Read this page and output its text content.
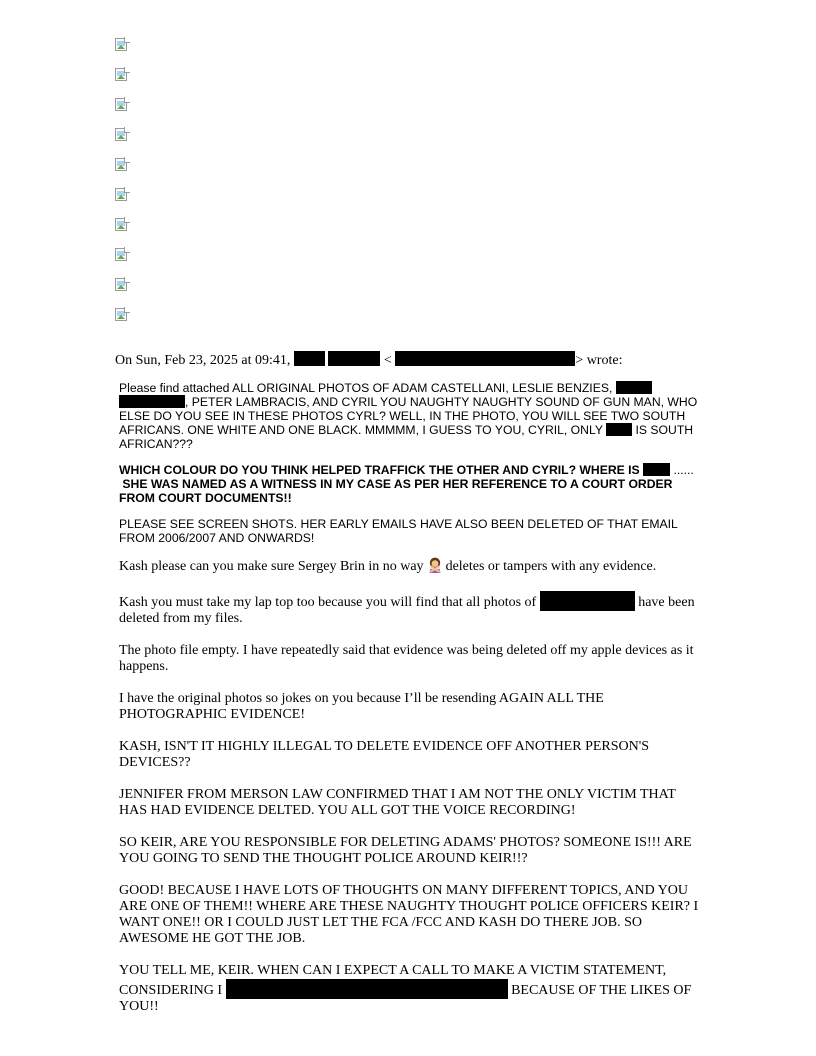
On Sun, Feb 23, 2025 at 09:41,	<	> wrote:

Please find attached ALL ORIGINAL PHOTOS OF ADAM CASTELLANI, LESLIE BENZIES,  , PETER LAMBRACIS, AND CYRIL YOU NAUGHTY NAUGHTY SOUND OF GUN MAN, WHO ELSE DO YOU SEE IN THESE PHOTOS CYRL? WELL, IN THE PHOTO, YOU WILL SEE TWO SOUTH AFRICANS. ONE WHITE AND ONE BLACK. MMMMM, I GUESS TO YOU, CYRIL, ONLY	IS SOUTH AFRICAN???

WHICH COLOUR DO YOU THINK HELPED TRAFFICK THE OTHER AND CYRIL? WHERE IS	......  SHE WAS NAMED AS A WITNESS IN MY CASE AS PER HER REFERENCE TO A COURT ORDER FROM COURT DOCUMENTS!!

PLEASE SEE SCREEN SHOTS. HER EARLY EMAILS HAVE ALSO BEEN DELETED OF THAT EMAIL FROM 2006/2007 AND ONWARDS!

Kash please can you make sure Sergey Brin in no way deletes or tampers with any evidence.

Kash you must take my lap top too because you will find that all photos of	have been deleted from my files.

The photo file empty. I have repeatedly said that evidence was being deleted off my apple devices as it happens.

I have the original photos so jokes on you because I’ll be resending AGAIN ALL THE PHOTOGRAPHIC EVIDENCE!

KASH, ISN'T IT HIGHLY ILLEGAL TO DELETE EVIDENCE OFF ANOTHER PERSON'S DEVICES??

JENNIFER FROM MERSON LAW CONFIRMED THAT I AM NOT THE ONLY VICTIM THAT HAS HAD EVIDENCE DELTED. YOU ALL GOT THE VOICE RECORDING!

SO KEIR, ARE YOU RESPONSIBLE FOR DELETING ADAMS' PHOTOS? SOMEONE IS!!! ARE YOU GOING TO SEND THE THOUGHT POLICE AROUND KEIR!!?

GOOD! BECAUSE I HAVE LOTS OF THOUGHTS ON MANY DIFFERENT TOPICS, AND YOU ARE ONE OF THEM!! WHERE ARE THESE NAUGHTY THOUGHT POLICE OFFICERS KEIR? I WANT ONE!! OR I COULD JUST LET THE FCA /FCC AND KASH DO THERE JOB. SO AWESOME HE GOT THE JOB.

YOU TELL ME, KEIR. WHEN CAN I EXPECT A CALL TO MAKE A VICTIM STATEMENT, CONSIDERING I	BECAUSE OF THE LIKES OF YOU!!
